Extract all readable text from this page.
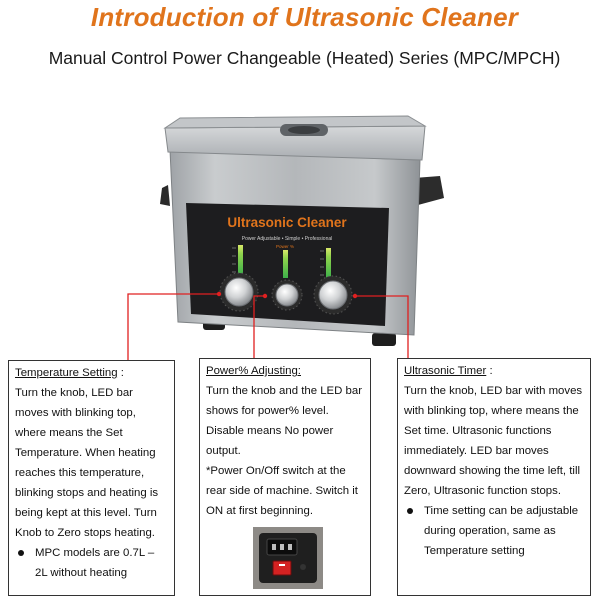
Introduction of Ultrasonic Cleaner
Manual Control Power Changeable (Heated) Series (MPC/MPCH)
Ultrasonic Cleaner
Power Adjustable • Simple • Professional
Power %
Temperature Setting :
Turn the knob, LED bar moves with blinking top, where means the Set Temperature. When heating reaches this temperature, blinking stops and heating is being kept at this level. Turn Knob to Zero stops heating.
MPC models are 0.7L – 2L without heating
Power% Adjusting:
Turn the knob and the LED bar shows for power% level. Disable means No power output.
*Power On/Off switch at the rear side of machine. Switch it ON at first beginning.
Ultrasonic Timer :
Turn the knob, LED bar with moves with blinking top, where means the Set time. Ultrasonic functions immediately. LED bar moves downward showing the time left, till Zero, Ultrasonic function stops.
Time setting can be adjustable during operation, same as Temperature setting
